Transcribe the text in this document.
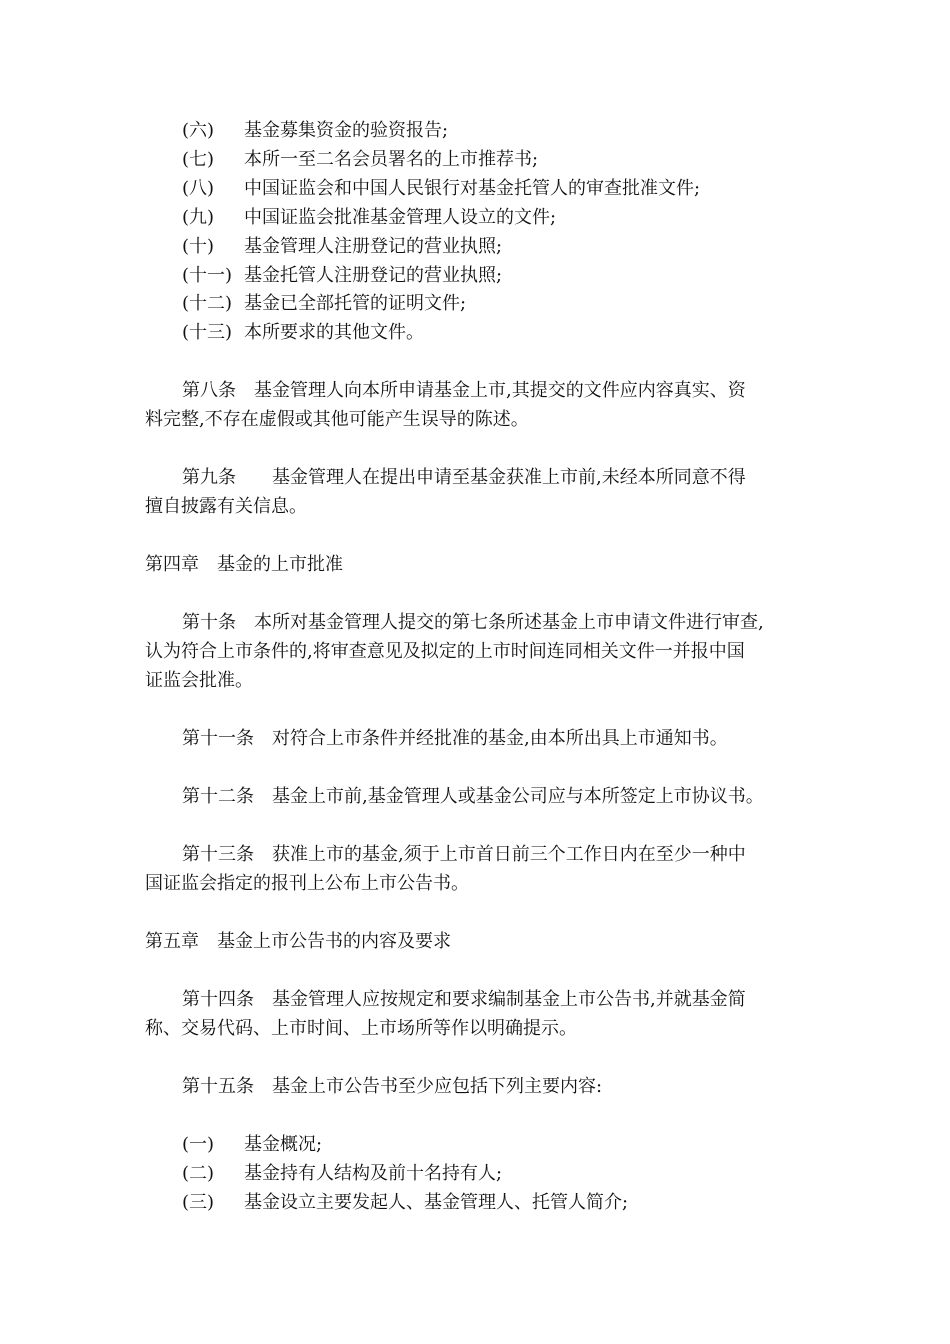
(六) 基金募集资金的验资报告;
(七) 本所一至二名会员署名的上市推荐书;
(八) 中国证监会和中国人民银行对基金托管人的审查批准文件;
(九) 中国证监会批准基金管理人设立的文件;
(十) 基金管理人注册登记的营业执照;
(十一) 基金托管人注册登记的营业执照;
(十二) 基金已全部托管的证明文件;
(十三) 本所要求的其他文件。
第八条 基金管理人向本所申请基金上市,其提交的文件应内容真实、资
料完整,不存在虚假或其他可能产生误导的陈述。
第九条 基金管理人在提出申请至基金获准上市前,未经本所同意不得
擅自披露有关信息。
第四章 基金的上市批准
第十条 本所对基金管理人提交的第七条所述基金上市申请文件进行审查,
认为符合上市条件的,将审查意见及拟定的上市时间连同相关文件一并报中国
证监会批准。
第十一条 对符合上市条件并经批准的基金,由本所出具上市通知书。
第十二条 基金上市前,基金管理人或基金公司应与本所签定上市协议书。
第十三条 获准上市的基金,须于上市首日前三个工作日内在至少一种中
国证监会指定的报刊上公布上市公告书。
第五章 基金上市公告书的内容及要求
第十四条 基金管理人应按规定和要求编制基金上市公告书,并就基金简
称、交易代码、上市时间、上市场所等作以明确提示。
第十五条 基金上市公告书至少应包括下列主要内容:
(一) 基金概况;
(二) 基金持有人结构及前十名持有人;
(三) 基金设立主要发起人、基金管理人、托管人简介;
